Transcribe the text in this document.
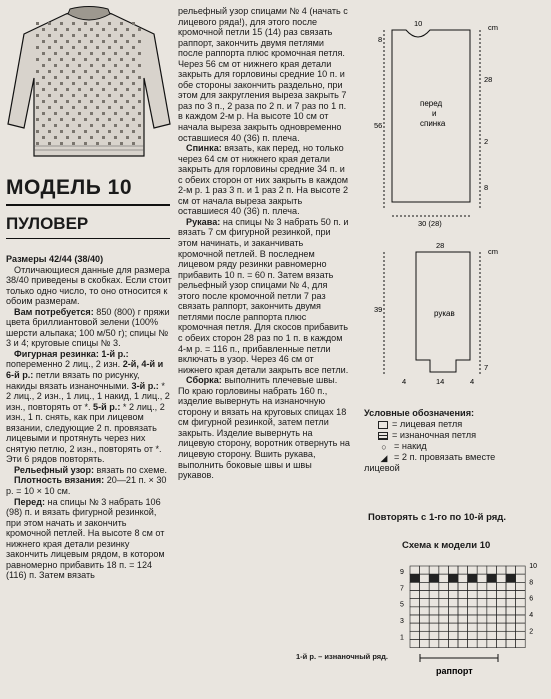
МОДЕЛЬ 10
ПУЛОВЕР

Размеры 42/44 (38/40)

Отличающиеся данные для размера 38/40 приведены в скобках. Если стоит только одно число, то оно относится к обоим размерам.

Вам потребуется: 850 (800) г пряжи цвета бриллиантовой зелени (100% шерсти альпака; 100 м/50 г); спицы № 3 и 4; круговые спицы № 3.

Фигурная резинка: 1-й р.: попеременно 2 лиц., 2 изн. 2-й, 4-й и 6-й р.: петли вязать по рисунку, накиды вязать изнаночными. 3-й р.: * 2 лиц., 2 изн., 1 лиц., 1 накид, 1 лиц., 2 изн., повторять от *. 5-й р.: * 2 лиц., 2 изн., 1 п. снять, как при лицевом вязании, следующие 2 п. провязать лицевыми и протянуть через них снятую петлю, 2 изн., повторять от *. Эти 6 рядов повторять.

Рельефный узор: вязать по схеме.

Плотность вязания: 20—21 п. × 30 р. = 10 × 10 см.

Перед: на спицы № 3 набрать 106 (98) п. и вязать фигурной резинкой, при этом начать и закончить кромочной петлей. На высоте 8 см от нижнего края детали резинку закончить лицевым рядом, в котором равномерно прибавить 18 п. = 124 (116) п. Затем вязать

рельефный узор спицами № 4 (начать с лицевого ряда!), для этого после кромочной петли 15 (14) раз связать раппорт, закончить двумя петлями после раппорта плюс кромочная петля. Через 56 см от нижнего края детали закрыть для горловины средние 10 п. и обе стороны закончить раздельно, при этом для закругления выреза закрыть 7 раз по 3 п., 2 раза по 2 п. и 7 раз по 1 п. в каждом 2-м р. На высоте 10 см от начала выреза закрыть одновременно оставшиеся 40 (36) п. плеча.

Спинка: вязать, как перед, но только через 64 см от нижнего края детали закрыть для горловины средние 34 п. и с обеих сторон от них закрыть в каждом 2-м р. 1 раз 3 п. и 1 раз 2 п. На высоте 2 см от начала выреза закрыть оставшиеся 40 (36) п. плеча.

Рукава: на спицы № 3 набрать 50 п. и вязать 7 см фигурной резинкой, при этом начинать, и заканчивать кромочной петлей. В последнем лицевом ряду резинки равномерно прибавить 10 п. = 60 п. Затем вязать рельефный узор спицами № 4, для этого после кромочной петли 7 раз связать раппорт, закончить двумя петлями после раппорта плюс кромочная петля. Для скосов прибавить с обеих сторон 28 раз по 1 п. в каждом 4-м р. = 116 п., прибавленные петли включать в узор. Через 46 см от нижнего края детали закрыть все петли.

Сборка: выполнить плечевые швы. По краю горловины набрать 160 п., изделие вывернуть на изнаночную сторону и вязать на круговых спицах 18 см фигурной резинкой, затем петли закрыть. Изделие вывернуть на лицевую сторону, воротник отвернуть на лицевую сторону. Вшить рукава, выполнить боковые швы и швы рукавов.

cm
10
8
28
56
2
8
30 (28)
перед
и
спинка
cm
28
39
7
4	14	4
рукав
Условные обозначения:
= лицевая петля
= изнаночная петля
○ = накид
◢ = 2 п. провязать вместе
лицевой
Повторять с 1-го по 10-й ряд.
Схема к модели 10
9
7
5
3
1
10
8
6
4
2
раппорт
1-й р. – изнаночный ряд.
